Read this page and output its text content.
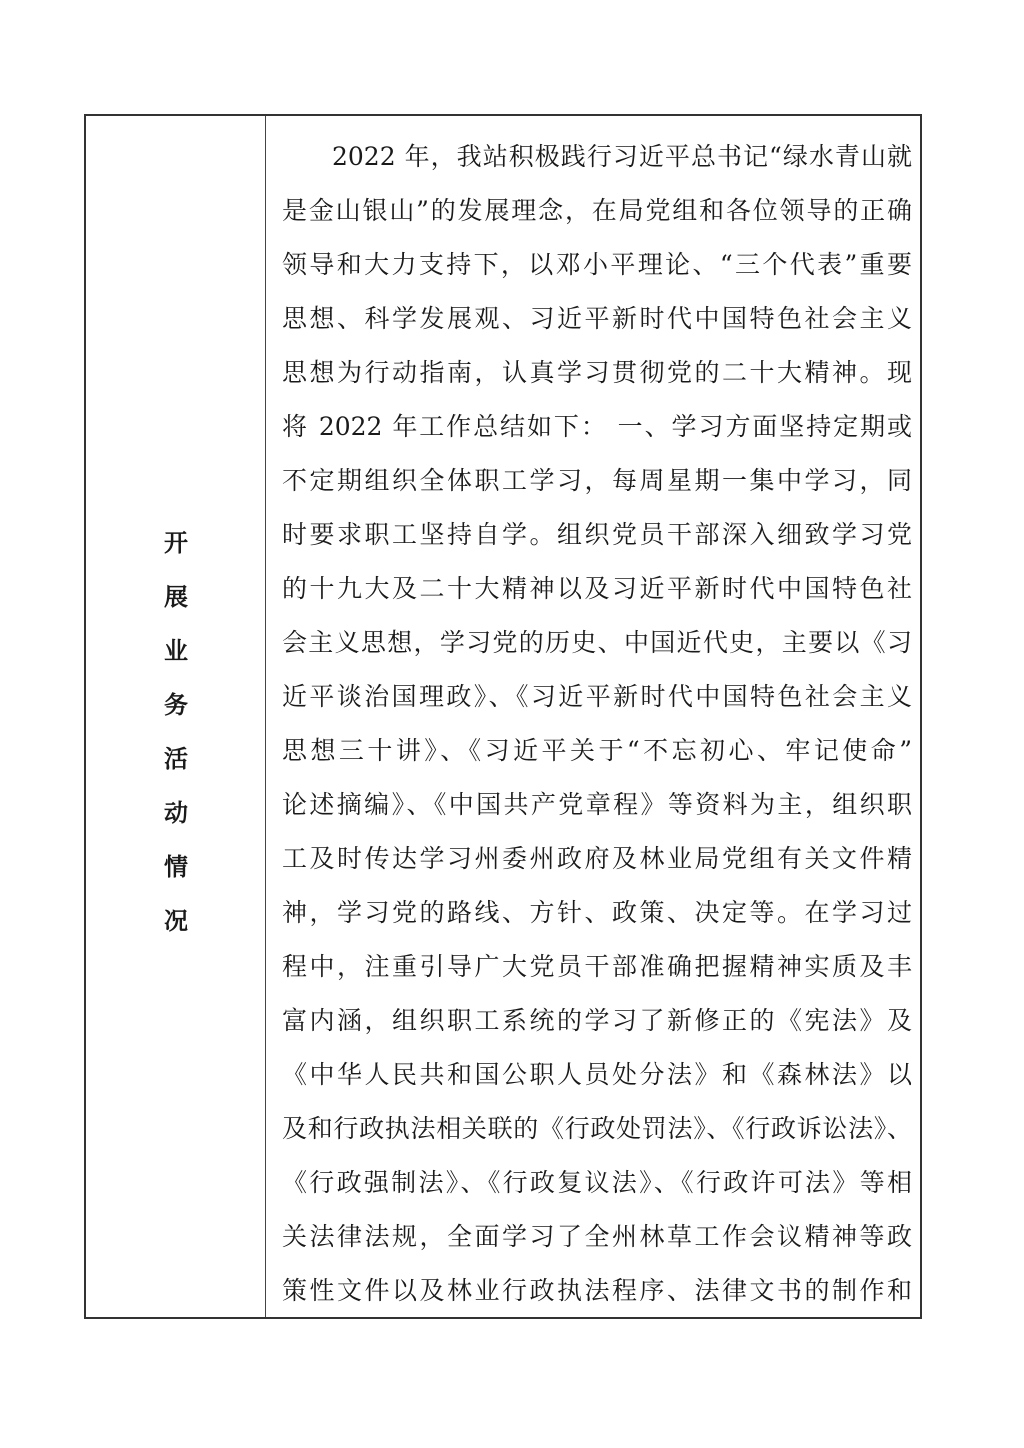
开
展
业
务
活
动
情
况
2022 年，我站积极践行习近平总书记“绿水青山就
是金山银山”的发展理念，在局党组和各位领导的正确
领导和大力支持下，以邓小平理论、“三个代表”重要
思想、科学发展观、习近平新时代中国特色社会主义
思想为行动指南，认真学习贯彻党的二十大精神。现
将 2022 年工作总结如下： 一、学习方面坚持定期或
不定期组织全体职工学习，每周星期一集中学习，同
时要求职工坚持自学。组织党员干部深入细致学习党
的十九大及二十大精神以及习近平新时代中国特色社
会主义思想，学习党的历史、中国近代史，主要以《习
近平谈治国理政》、《习近平新时代中国特色社会主义
思想三十讲》、《习近平关于“不忘初心、牢记使命”
论述摘编》、《中国共产党章程》等资料为主，组织职
工及时传达学习州委州政府及林业局党组有关文件精
神，学习党的路线、方针、政策、决定等。在学习过
程中，注重引导广大党员干部准确把握精神实质及丰
富内涵，组织职工系统的学习了新修正的《宪法》及
《中华人民共和国公职人员处分法》和《森林法》以
及和行政执法相关联的《行政处罚法》、《行政诉讼法》、
《行政强制法》、《行政复议法》、《行政许可法》等相
关法律法规，全面学习了全州林草工作会议精神等政
策性文件以及林业行政执法程序、法律文书的制作和
